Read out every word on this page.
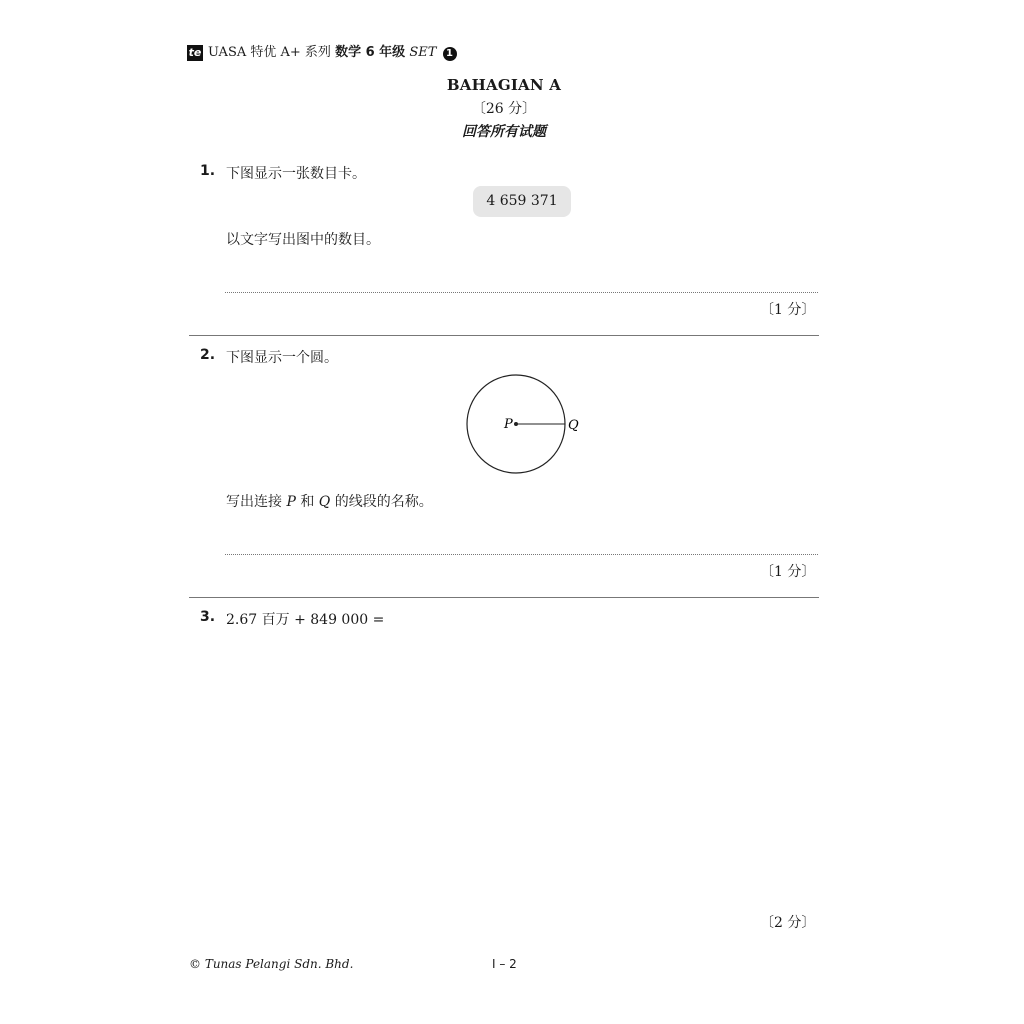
te UASA 特优 A+ 系列 数学 6 年级 SET 1
BAHAGIAN A
〔26 分〕
回答所有试题
1. 下图显示一张数目卡。
4 659 371
以文字写出图中的数目。
〔1 分〕
2. 下图显示一个圆。
P	Q
写出连接 P 和 Q 的线段的名称。
〔1 分〕
3. 2.67 百万 + 849 000 =
〔2 分〕
© Tunas Pelangi Sdn. Bhd.	I – 2
